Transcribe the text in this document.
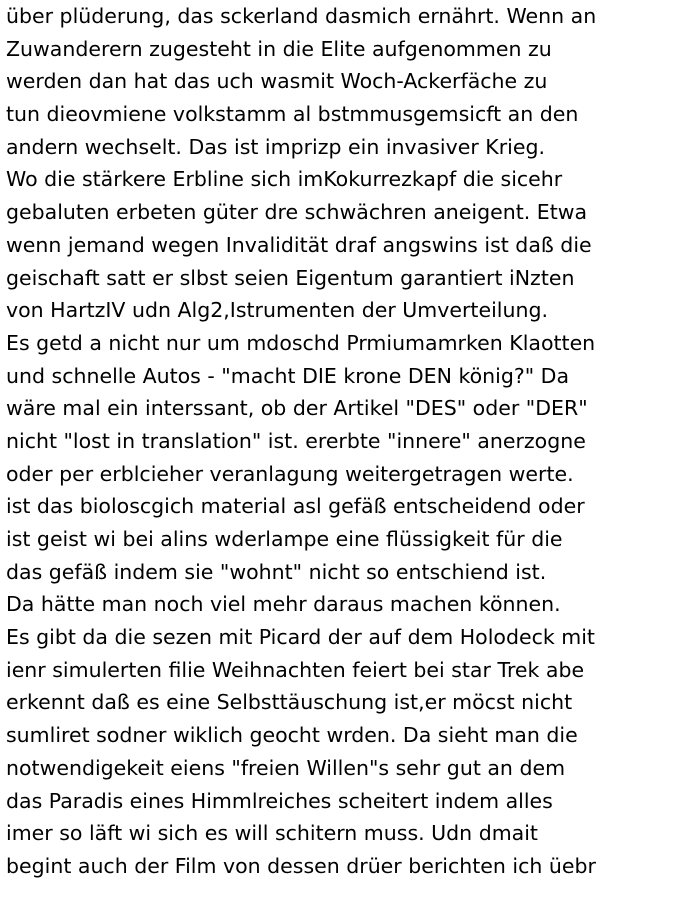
über plüderung, das sckerland dasmich ernährt. Wenn an
Zuwanderern zugesteht in die Elite aufgenommen zu
werden dan hat das uch wasmit Woch-Ackerfäche zu
tun dieovmiene volkstamm al bstmmusgemsicft an den
andern wechselt. Das ist imprizp ein invasiver Krieg.
Wo die stärkere Erbline sich imKokurrezkapf die sicehr
gebaluten erbeten güter dre schwächren aneigent. Etwa
wenn jemand wegen Invalidität draf angswins ist daß die
geischaft satt er slbst seien Eigentum garantiert iNzten
von HartzIV udn Alg2,Istrumenten der Umverteilung.
Es getd a nicht nur um mdoschd Prmiumamrken Klaotten
und schnelle Autos - "macht DIE krone DEN könig?" Da
wäre mal ein interssant, ob der Artikel "DES" oder "DER"
nicht "lost in translation" ist. ererbte "innere" anerzogne
oder per erblcieher veranlagung weitergetragen werte.
ist das bioloscgich material asl gefäß entscheidend oder
ist geist wi bei alins wderlampe eine flüssigkeit für die
das gefäß indem sie "wohnt" nicht so entschiend ist.
Da hätte man noch viel mehr daraus machen können.
Es gibt da die sezen mit Picard der auf dem Holodeck mit
ienr simulerten filie Weihnachten feiert bei star Trek abe
erkennt daß es eine Selbsttäuschung ist,er möcst nicht
sumliret sodner wiklich geocht wrden. Da sieht man die
notwendigekeit eiens "freien Willen"s sehr gut an dem
das Paradis eines Himmlreiches scheitert indem alles
imer so läft wi sich es will schitern muss. Udn dmait
begint auch der Film von dessen drüer berichten ich üebr
